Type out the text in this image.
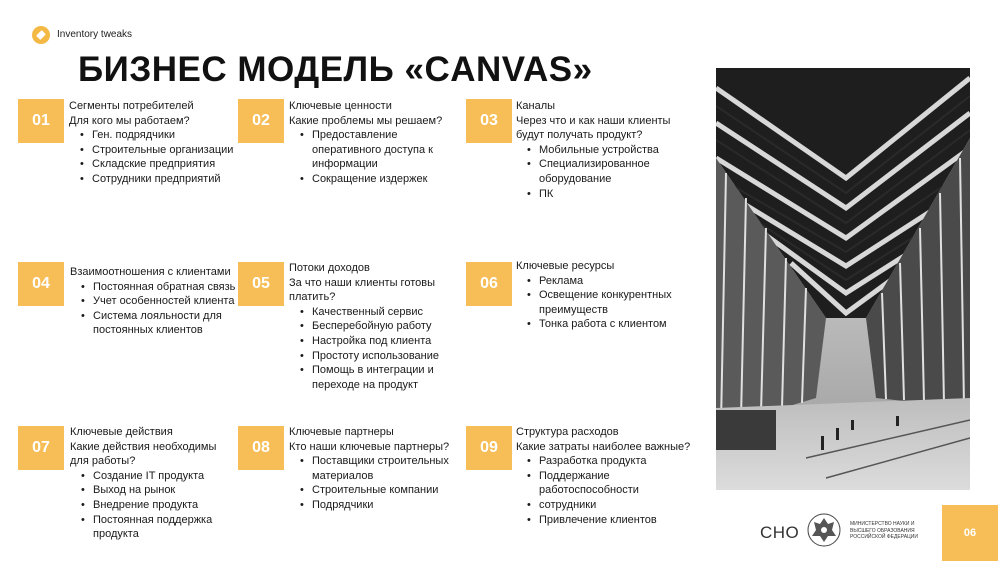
Inventory tweaks
БИЗНЕС МОДЕЛЬ «CANVAS»
01

Сегменты потребителей

Для кого мы работаем?

• Ген. подрядчики
• Строительные организации
• Складские предприятия
• Сотрудники предприятий
02

Ключевые ценности

Какие проблемы мы решаем?

• Предоставление оперативного доступа к информации
• Сокращение издержек
03

Каналы

Через что и как наши клиенты будут получать продукт?

• Мобильные устройства
• Специализированное оборудование
• ПК
04

Взаимоотношения с клиентами

• Постоянная обратная связь
• Учет особенностей клиента
• Система лояльности для постоянных клиентов
05

Потоки доходов

За что наши клиенты готовы платить?

• Качественный сервис
• Бесперебойную работу
• Настройка под клиента
• Простоту использование
• Помощь в интеграции и переходе на продукт
06

Ключевые ресурсы

• Реклама
• Освещение конкурентных преимуществ
• Тонка работа с клиентом
07

Ключевые действия

Какие действия необходимы для работы?

• Создание IT продукта
• Выход на рынок
• Внедрение продукта
• Постоянная поддержка продукта
08

Ключевые партнеры

Кто наши ключевые партнеры?

• Поставщики строительных материалов
• Строительные компании
• Подрядчики
09

Структура расходов

Какие затраты наиболее важные?

• Разработка продукта
• Поддержание работоспособности
• сотрудники
• Привлечение клиентов
СНО	МИНИСТЕРСТВО НАУКИ И ВЫСШЕГО ОБРАЗОВАНИЯ РОССИЙСКОЙ ФЕДЕРАЦИИ	06
